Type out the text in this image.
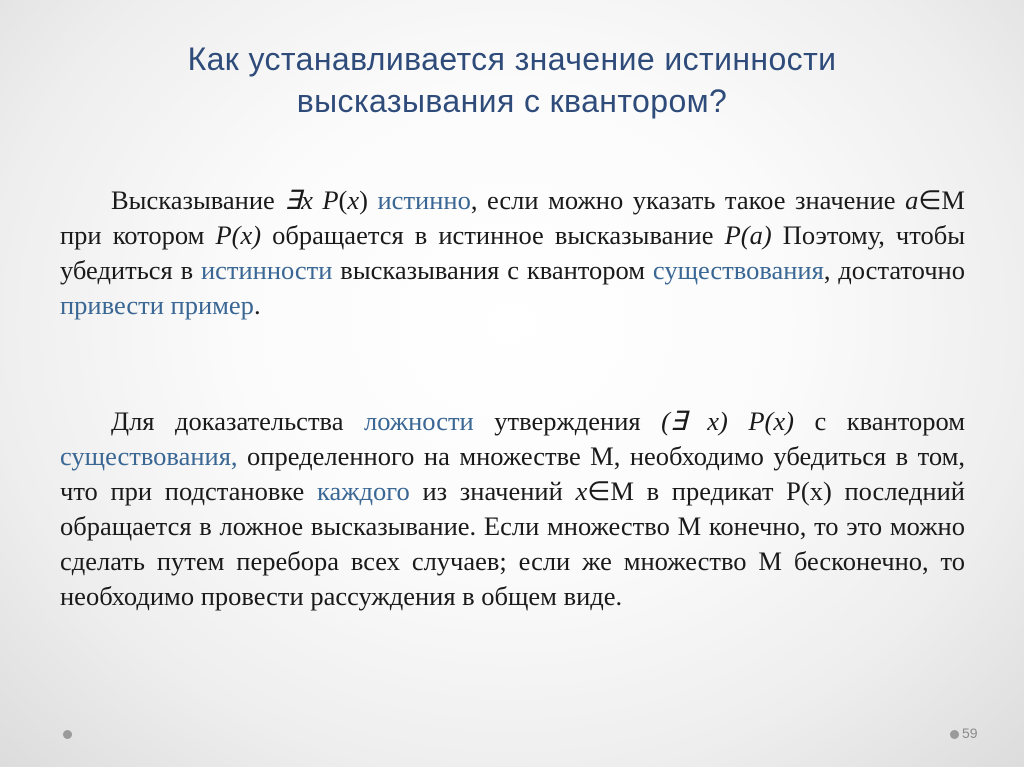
Как устанавливается значение истинности
высказывания с квантором?
Высказывание ∃x P(x) истинно, если можно указать такое значение a∈М при котором P(x) обращается в истинное высказывание P(a) Поэтому, чтобы убедиться в истинности высказывания с квантором существования, достаточно привести пример.
Для доказательства ложности утверждения (∃ x) P(x) с квантором существования, определенного на множестве М, необходимо убедиться в том, что при подстановке каждого из значений x∈М в предикат Р(х) последний обращается в ложное высказывание. Если множество М конечно, то это можно сделать путем перебора всех случаев; если же множество М бесконечно, то необходимо провести рассуждения в общем виде.
59
